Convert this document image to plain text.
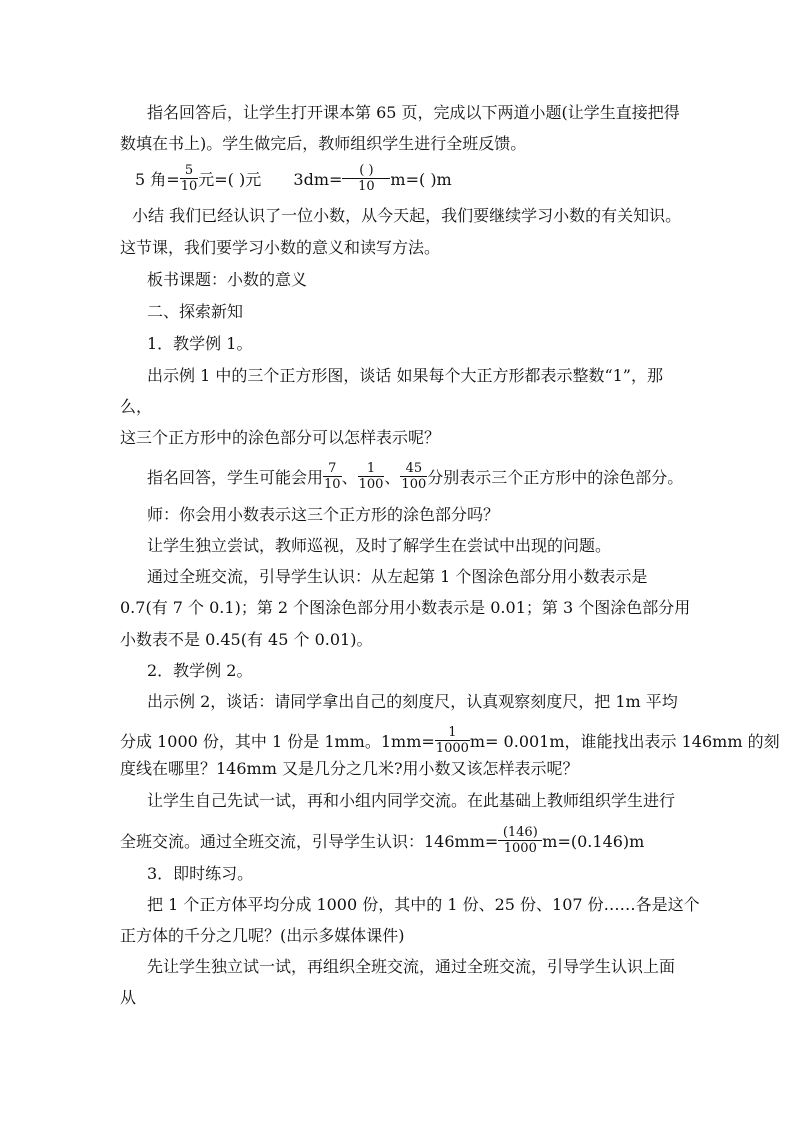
指名回答后，让学生打开课本第 65 页，完成以下两道小题(让学生直接把得
数填在书上)。学生做完后，教师组织学生进行全班反馈。
5 角= $\frac{5}{10}$ 元=( )元 $3dm= \frac{( )}{10} m=$( )m
小结 我们已经认识了一位小数，从今天起，我们要继续学习小数的有关知识。
这节课，我们要学习小数的意义和读写方法。
板书课题：小数的意义
二、探索新知
1．教学例 1。
出示例 1 中的三个正方形图，谈话 如果每个大正方形都表示整数“1”，那
么，
这三个正方形中的涂色部分可以怎样表示呢？
指名回答，学生可能会用 $\frac{7}{10}$ 、 $\frac{1}{100}$ 、 $\frac{45}{100}$ 分别表示三个正方形中的涂色部分。
师：你会用小数表示这三个正方形的涂色部分吗？
让学生独立尝试，教师巡视，及时了解学生在尝试中出现的问题。
通过全班交流，引导学生认识：从左起第 1 个图涂色部分用小数表示是
0.7(有 7 个 0.1)；第 2 个图涂色部分用小数表示是 0.01；第 3 个图涂色部分用
小数表不是 0.45(有 45 个 0.01)。
2．教学例 2。
出示例 2，谈话：请同学拿出自己的刻度尺，认真观察刻度尺，把 1m 平均
分成 1000 份，其中 1 份是 1mm。$1mm= \frac{1}{1000} m= 0.001m$，谁能找出表示 146mm 的刻
度线在哪里？146mm 又是几分之几米?用小数又该怎样表示呢？
让学生自己先试一试，再和小组内同学交流。在此基础上教师组织学生进行
全班交流。通过全班交流，引导学生认识：$146mm= \frac{(146)}{1000} m=(0.146)m$
3．即时练习。
把 1 个正方体平均分成 1000 份，其中的 1 份、25 份、107 份……各是这个
正方体的千分之几呢？(出示多媒体课件)
先让学生独立试一试，再组织全班交流，通过全班交流，引导学生认识上面
从
